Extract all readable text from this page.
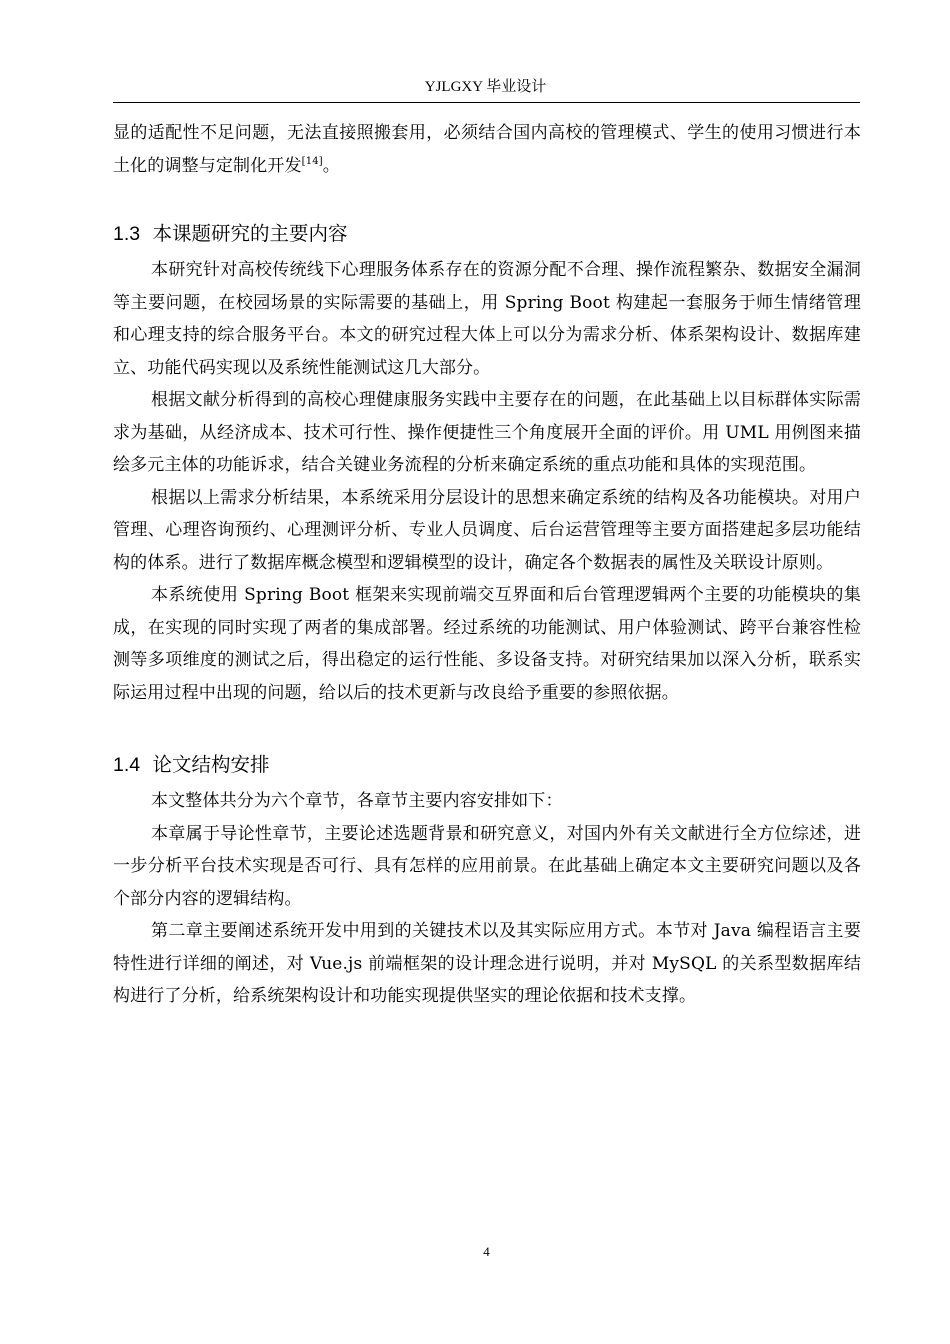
YJLGXY 毕业设计

显的适配性不足问题，无法直接照搬套用，必须结合国内高校的管理模式、学生的使用习惯进行本土化的调整与定制化开发[14]。

1.3 本课题研究的主要内容

本研究针对高校传统线下心理服务体系存在的资源分配不合理、操作流程繁杂、数据安全漏洞等主要问题，在校园场景的实际需要的基础上，用 Spring Boot 构建起一套服务于师生情绪管理和心理支持的综合服务平台。本文的研究过程大体上可以分为需求分析、体系架构设计、数据库建立、功能代码实现以及系统性能测试这几大部分。

根据文献分析得到的高校心理健康服务实践中主要存在的问题，在此基础上以目标群体实际需求为基础，从经济成本、技术可行性、操作便捷性三个角度展开全面的评价。用 UML 用例图来描绘多元主体的功能诉求，结合关键业务流程的分析来确定系统的重点功能和具体的实现范围。

根据以上需求分析结果，本系统采用分层设计的思想来确定系统的结构及各功能模块。对用户管理、心理咨询预约、心理测评分析、专业人员调度、后台运营管理等主要方面搭建起多层功能结构的体系。进行了数据库概念模型和逻辑模型的设计，确定各个数据表的属性及关联设计原则。

本系统使用 Spring Boot 框架来实现前端交互界面和后台管理逻辑两个主要的功能模块的集成，在实现的同时实现了两者的集成部署。经过系统的功能测试、用户体验测试、跨平台兼容性检测等多项维度的测试之后，得出稳定的运行性能、多设备支持。对研究结果加以深入分析，联系实际运用过程中出现的问题，给以后的技术更新与改良给予重要的参照依据。

1.4 论文结构安排

本文整体共分为六个章节，各章节主要内容安排如下：

本章属于导论性章节，主要论述选题背景和研究意义，对国内外有关文献进行全方位综述，进一步分析平台技术实现是否可行、具有怎样的应用前景。在此基础上确定本文主要研究问题以及各个部分内容的逻辑结构。

第二章主要阐述系统开发中用到的关键技术以及其实际应用方式。本节对 Java 编程语言主要特性进行详细的阐述，对 Vue.js 前端框架的设计理念进行说明，并对 MySQL 的关系型数据库结构进行了分析，给系统架构设计和功能实现提供坚实的理论依据和技术支撑。

4
